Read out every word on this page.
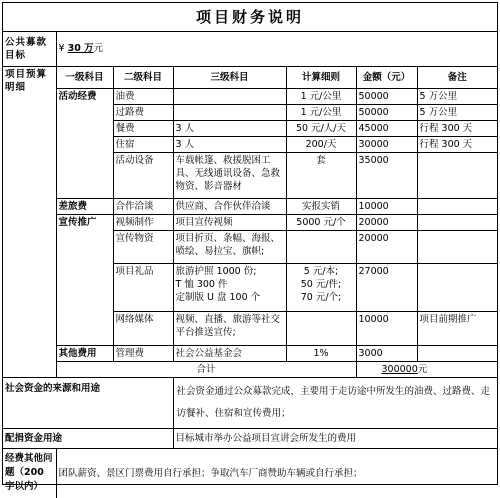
项目财务说明
公共募款目标	¥ 30 万元					
项目预算明细	一级科目	二级科目	三级科目	计算细则	金额（元）	备注
	活动经费	油费		1 元/公里	50000	5 万公里
		过路费		1 元/公里	50000	5 万公里
		餐费	3 人	50 元/人/天	45000	行程 300 天
		住宿	3 人	200/天	30000	行程 300 天
		活动设备	车载帐篷、救援脱困工具、无线通讯设备、急救物资、影音器材	套	35000	
	差旅费	合作洽谈	供应商、合作伙伴洽谈	实报实销	10000	
	宣传推广	视频制作	项目宣传视频	5000 元/个	20000	
		宣传物资	项目折页、条幅、海报、喷绘、易拉宝、旗帜;		20000	
		项目礼品	旅游护照 1000 份;
T 恤 300 件
定制版 U 盘 100 个	5 元/本;
50 元/件;
70 元/个;	27000	
		网络媒体	视频、直播、旅游等社交平台推送宣传;		10000	项目前期推广
	其他费用	管理费	社会公益基金会	1%	3000	
	合计				300000元	
社会资金的来源和用途			社会资金通过公众募款完成，主要用于走访途中所发生的油费、过路费、走访餐补、住宿和宣传费用；			
配捐资金用途			目标城市举办公益项目宣讲会所发生的费用			
经费其他问题（200 字以内）	团队薪资、景区门票费用自行承担；争取汽车厂商赞助车辆或自行承担；					
